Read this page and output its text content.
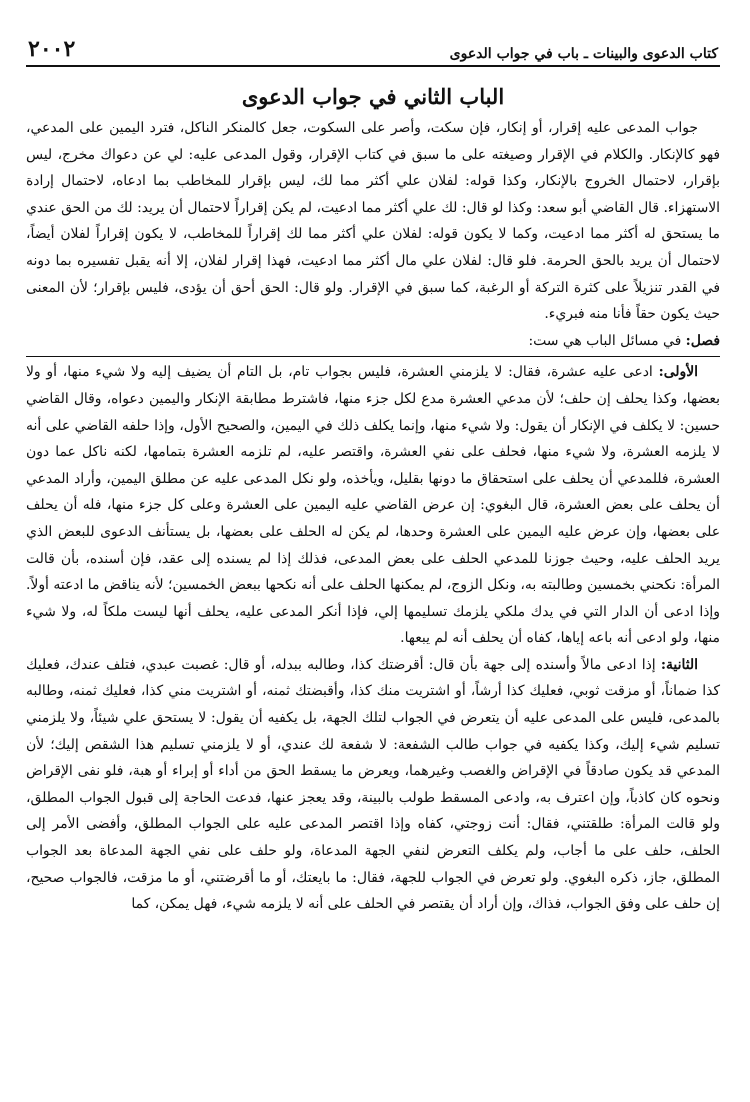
كتاب الدعوى والبينات ـ باب في جواب الدعوى
٢٠٠٢
الباب الثاني في جواب الدعوى

جواب المدعى عليه إقرار، أو إنكار، فإن سكت، وأصر على السكوت، جعل كالمنكر الناكل، فترد اليمين على المدعي، فهو كالإنكار. والكلام في الإقرار وصيغته على ما سبق في كتاب الإقرار، وقول المدعى عليه: لي عن دعواك مخرج، ليس بإقرار، لاحتمال الخروج بالإنكار، وكذا قوله: لفلان علي أكثر مما لك، ليس بإقرار للمخاطب بما ادعاه، لاحتمال إرادة الاستهزاء. قال القاضي أبو سعد: وكذا لو قال: لك علي أكثر مما ادعيت، لم يكن إقراراً لاحتمال أن يريد: لك من الحق عندي ما يستحق له أكثر مما ادعيت، وكما لا يكون قوله: لفلان علي أكثر مما لك إقراراً للمخاطب، لا يكون إقراراً لفلان أيضاً، لاحتمال أن يريد بالحق الحرمة. فلو قال: لفلان علي مال أكثر مما ادعيت، فهذا إقرار لفلان، إلا أنه يقبل تفسيره بما دونه في القدر تنزيلاً على كثرة التركة أو الرغبة، كما سبق في الإقرار. ولو قال: الحق أحق أن يؤدى، فليس بإقرار؛ لأن المعنى حيث يكون حقاً فأنا منه فبريء.

فصل: في مسائل الباب هي ست:

الأولى: ادعى عليه عشرة، فقال: لا يلزمني العشرة، فليس بجواب تام، بل التام أن يضيف إليه ولا شيء منها، أو ولا بعضها، وكذا يحلف إن حلف؛ لأن مدعي العشرة مدع لكل جزء منها، فاشترط مطابقة الإنكار واليمين دعواه، وقال القاضي حسين: لا يكلف في الإنكار أن يقول: ولا شيء منها، وإنما يكلف ذلك في اليمين، والصحيح الأول، وإذا حلفه القاضي على أنه لا يلزمه العشرة، ولا شيء منها، فحلف على نفي العشرة، واقتصر عليه، لم تلزمه العشرة بتمامها، لكنه ناكل عما دون العشرة، فللمدعي أن يحلف على استحقاق ما دونها بقليل، ويأخذه، ولو نكل المدعى عليه عن مطلق اليمين، وأراد المدعي أن يحلف على بعض العشرة، قال البغوي: إن عرض القاضي عليه اليمين على العشرة وعلى كل جزء منها، فله أن يحلف على بعضها، وإن عرض عليه اليمين على العشرة وحدها، لم يكن له الحلف على بعضها، بل يستأنف الدعوى للبعض الذي يريد الحلف عليه، وحيث جوزنا للمدعي الحلف على بعض المدعى، فذلك إذا لم يسنده إلى عقد، فإن أسنده، بأن قالت المرأة: نكحني بخمسين وطالبته به، ونكل الزوج، لم يمكنها الحلف على أنه نكحها ببعض الخمسين؛ لأنه يناقض ما ادعته أولاً. وإذا ادعى أن الدار التي في يدك ملكي يلزمك تسليمها إلي، فإذا أنكر المدعى عليه، يحلف أنها ليست ملكاً له، ولا شيء منها، ولو ادعى أنه باعه إياها، كفاه أن يحلف أنه لم يبعها.

الثانية: إذا ادعى مالاً وأسنده إلى جهة بأن قال: أقرضتك كذا، وطالبه ببدله، أو قال: غصبت عبدي، فتلف عندك، فعليك كذا ضماناً، أو مزقت ثوبي، فعليك كذا أرشاً، أو اشتريت منك كذا، وأقبضتك ثمنه، أو اشتريت مني كذا، فعليك ثمنه، وطالبه بالمدعى، فليس على المدعى عليه أن يتعرض في الجواب لتلك الجهة، بل يكفيه أن يقول: لا يستحق علي شيئاً، ولا يلزمني تسليم شيء إليك، وكذا يكفيه في جواب طالب الشفعة: لا شفعة لك عندي، أو لا يلزمني تسليم هذا الشقص إليك؛ لأن المدعي قد يكون صادقاً في الإقراض والغصب وغيرهما، ويعرض ما يسقط الحق من أداء أو إبراء أو هبة، فلو نفى الإقراض ونحوه كان كاذباً، وإن اعترف به، وادعى المسقط طولب بالبينة، وقد يعجز عنها، فدعت الحاجة إلى قبول الجواب المطلق، ولو قالت المرأة: طلقتني، فقال: أنت زوجتي، كفاه وإذا اقتصر المدعى عليه على الجواب المطلق، وأفضى الأمر إلى الحلف، حلف على ما أجاب، ولم يكلف التعرض لنفي الجهة المدعاة، ولو حلف على نفي الجهة المدعاة بعد الجواب المطلق، جاز، ذكره البغوي. ولو تعرض في الجواب للجهة، فقال: ما بايعتك، أو ما أقرضتني، أو ما مزقت، فالجواب صحيح، إن حلف على وفق الجواب، فذاك، وإن أراد أن يقتصر في الحلف على أنه لا يلزمه شيء، فهل يمكن، كما
